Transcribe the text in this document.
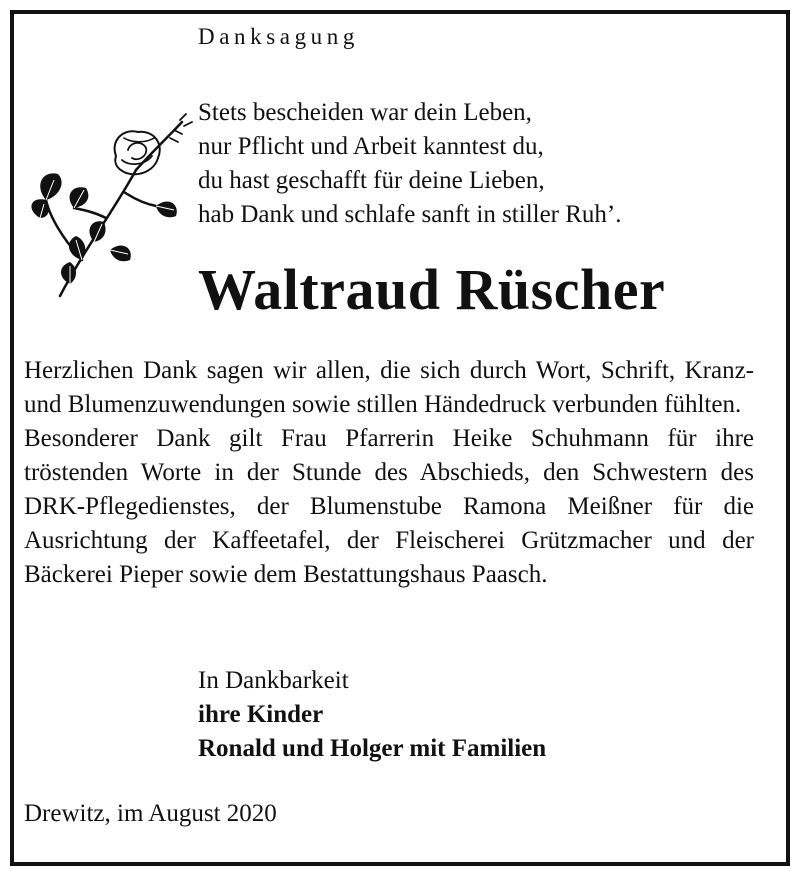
Danksagung
Stets bescheiden war dein Leben,
nur Pflicht und Arbeit kanntest du,
du hast geschafft für deine Lieben,
hab Dank und schlafe sanft in stiller Ruh’.
Waltraud Rüscher

Herzlichen Dank sagen wir allen, die sich durch Wort, Schrift, Kranz- und Blumenzuwendungen sowie stillen Händedruck verbunden fühlten.

Besonderer Dank gilt Frau Pfarrerin Heike Schuhmann für ihre tröstenden Worte in der Stunde des Abschieds, den Schwestern des DRK-Pflegedienstes, der Blumenstube Ramona Meißner für die Ausrichtung der Kaffeetafel, der Fleischerei Grützmacher und der Bäckerei Pieper sowie dem Bestattungshaus Paasch.

In Dankbarkeit
ihre Kinder
Ronald und Holger mit Familien
Drewitz, im August 2020
